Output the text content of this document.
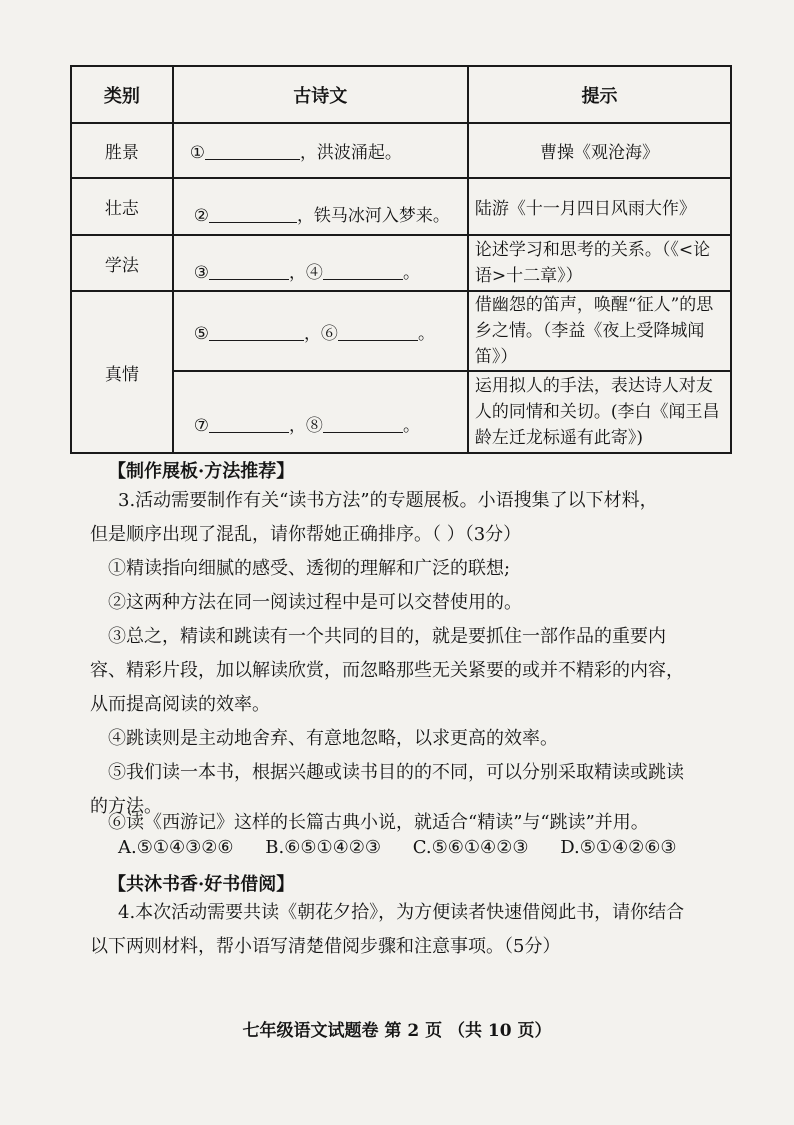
类别	古诗文	提示
胜景	① ，洪波涌起。	曹操《观沧海》
壮志	② ，铁马冰河入梦来。	陆游《十一月四日风雨大作》
学法	③ ，④ 。	论述学习和思考的关系。（《<论语>十二章》）
真情	⑤ ，⑥ 。	借幽怨的笛声，唤醒“征人”的思乡之情。（李益《夜上受降城闻笛》）

	⑦ ，⑧ 。	运用拟人的手法，表达诗人对友人的同情和关切。(李白《闻王昌龄左迁龙标遥有此寄》)
【制作展板·方法推荐】
3.活动需要制作有关“读书方法”的专题展板。小语搜集了以下材料，
但是顺序出现了混乱，请你帮她正确排序。（ ）（3分）
①精读指向细腻的感受、透彻的理解和广泛的联想;
②这两种方法在同一阅读过程中是可以交替使用的。
③总之，精读和跳读有一个共同的目的，就是要抓住一部作品的重要内
容、精彩片段，加以解读欣赏，而忽略那些无关紧要的或并不精彩的内容，
从而提高阅读的效率。
④跳读则是主动地舍弃、有意地忽略，以求更高的效率。
⑤我们读一本书，根据兴趣或读书目的的不同，可以分别采取精读或跳读
的方法。
⑥读《西游记》这样的长篇古典小说，就适合“精读”与“跳读”并用。
A.⑤①④③②⑥ B.⑥⑤①④②③ C.⑤⑥①④②③ D.⑤①④②⑥③
【共沐书香·好书借阅】
4.本次活动需要共读《朝花夕拾》，为方便读者快速借阅此书，请你结合
以下两则材料，帮小语写清楚借阅步骤和注意事项。（5分）
七年级语文试题卷 第 2 页 （共 10 页）
